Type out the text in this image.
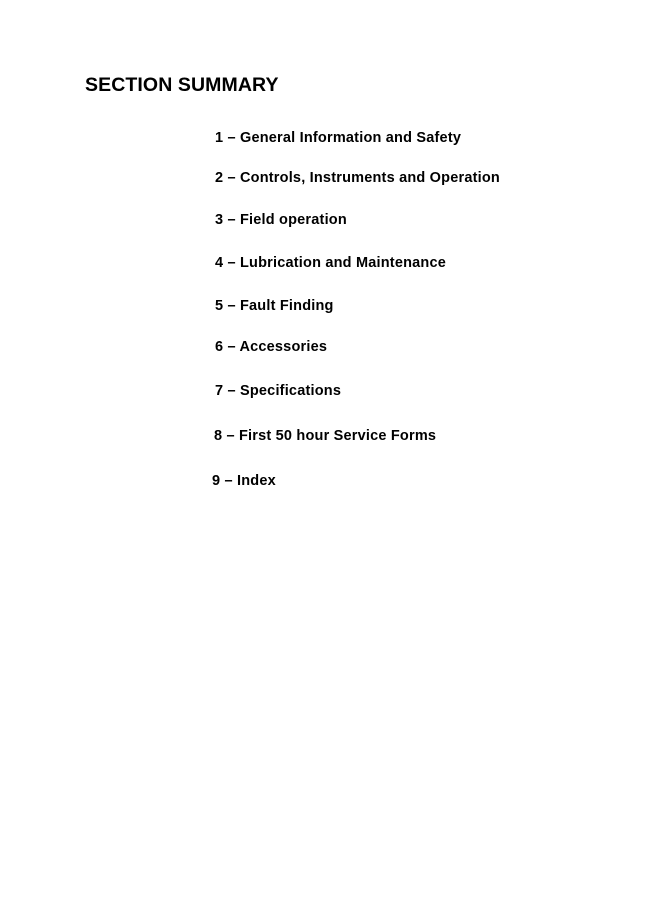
SECTION SUMMARY

1 – General Information and Safety

2 – Controls, Instruments and Operation

3 – Field operation

4 – Lubrication and Maintenance

5 – Fault Finding

6 – Accessories

7 – Specifications

8 – First 50 hour Service Forms

9 – Index
